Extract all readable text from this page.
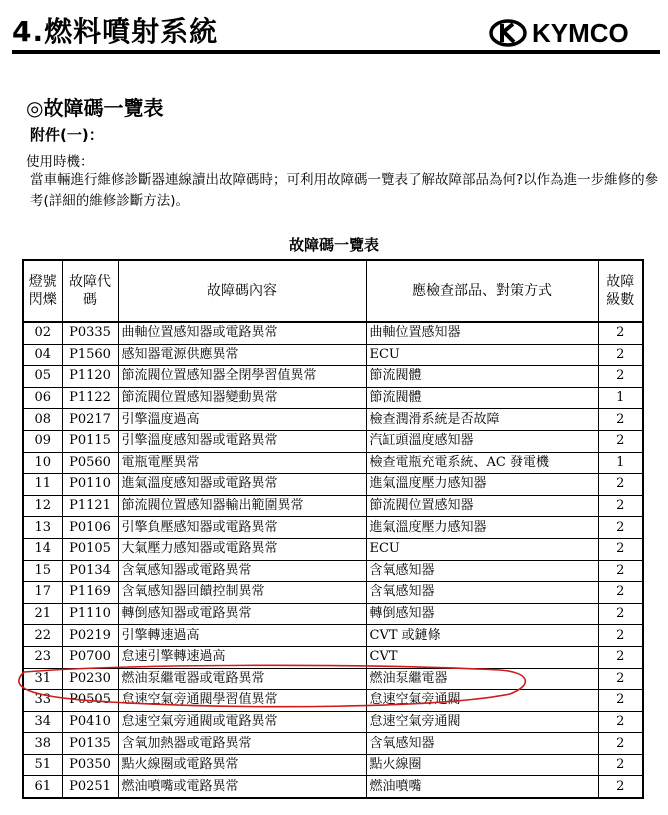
4.燃料噴射系統	KYMCO
◎故障碼一覽表
附件(一)：
使用時機：
當車輛進行維修診斷器連線讀出故障碼時；可利用故障碼一覽表了解故障部品為何?以作為進一步維修的參考(詳細的維修診斷方法)。
故障碼一覽表
燈號閃爍	故障代碼	故障碼內容	應檢查部品、對策方式	故障級數
02	P0335	曲軸位置感知器或電路異常	曲軸位置感知器	2
04	P1560	感知器電源供應異常	ECU	2
05	P1120	節流閥位置感知器全閉學習值異常	節流閥體	2
06	P1122	節流閥位置感知器變動異常	節流閥體	1
08	P0217	引擎溫度過高	檢查潤滑系統是否故障	2
09	P0115	引擎溫度感知器或電路異常	汽缸頭溫度感知器	2
10	P0560	電瓶電壓異常	檢查電瓶充電系統、AC 發電機	1
11	P0110	進氣溫度感知器或電路異常	進氣溫度壓力感知器	2
12	P1121	節流閥位置感知器輸出範圍異常	節流閥位置感知器	2
13	P0106	引擎負壓感知器或電路異常	進氣溫度壓力感知器	2
14	P0105	大氣壓力感知器或電路異常	ECU	2
15	P0134	含氧感知器或電路異常	含氧感知器	2
17	P1169	含氧感知器回饋控制異常	含氧感知器	2
21	P1110	轉倒感知器或電路異常	轉倒感知器	2
22	P0219	引擎轉速過高	CVT 或鏈條	2
23	P0700	怠速引擎轉速過高	CVT	2
31	P0230	燃油泵繼電器或電路異常	燃油泵繼電器	2
33	P0505	怠速空氣旁通閥學習值異常	怠速空氣旁通閥	2
34	P0410	怠速空氣旁通閥或電路異常	怠速空氣旁通閥	2
38	P0135	含氧加熱器或電路異常	含氧感知器	2
51	P0350	點火線圈或電路異常	點火線圈	2
61	P0251	燃油噴嘴或電路異常	燃油噴嘴	2
